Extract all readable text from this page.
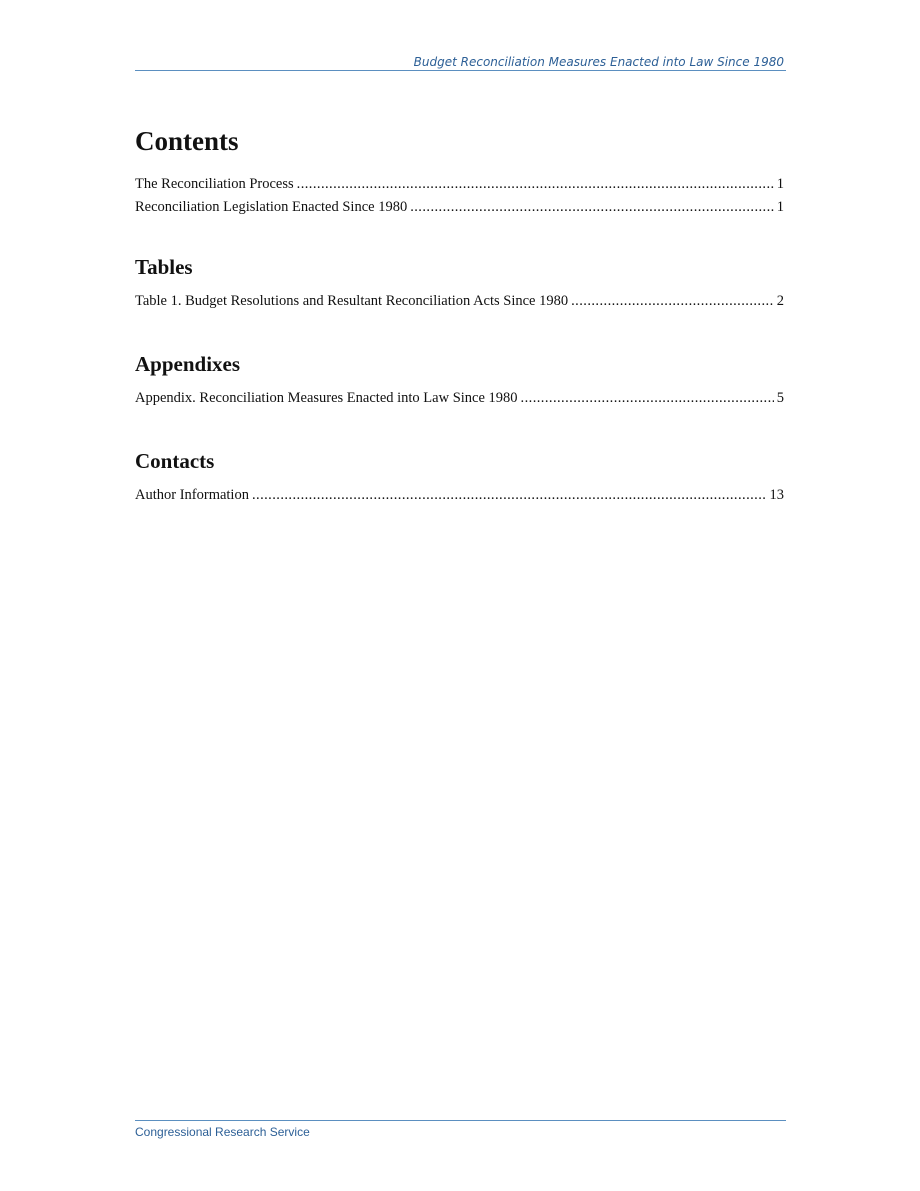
Budget Reconciliation Measures Enacted into Law Since 1980
Contents
The Reconciliation Process . . .	1
Reconciliation Legislation Enacted Since 1980 . . .	1
Tables
Table 1. Budget Resolutions and Resultant Reconciliation Acts Since 1980 . . .	2
Appendixes
Appendix. Reconciliation Measures Enacted into Law Since 1980 . . .	5
Contacts
Author Information . . .	13
Congressional Research Service
